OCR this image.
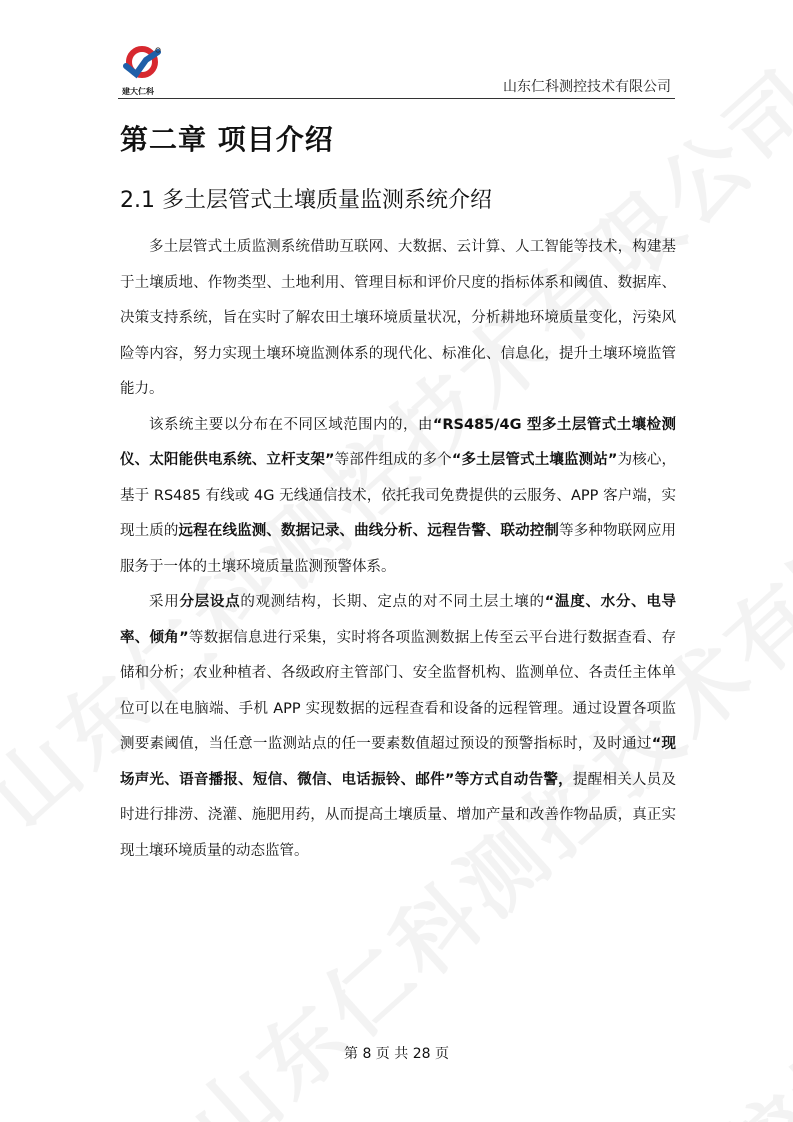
建大仁科	山东仁科测控技术有限公司
第二章 项目介绍
2.1 多土层管式土壤质量监测系统介绍

多土层管式土质监测系统借助互联网、大数据、云计算、人工智能等技术，构建基于土壤质地、作物类型、土地利用、管理目标和评价尺度的指标体系和阈值、数据库、决策支持系统，旨在实时了解农田土壤环境质量状况，分析耕地环境质量变化，污染风险等内容，努力实现土壤环境监测体系的现代化、标准化、信息化，提升土壤环境监管能力。

该系统主要以分布在不同区域范围内的，由“RS485/4G 型多土层管式土壤检测仪、太阳能供电系统、立杆支架”等部件组成的多个“多土层管式土壤监测站”为核心，基于 RS485 有线或 4G 无线通信技术，依托我司免费提供的云服务、APP 客户端，实现土质的远程在线监测、数据记录、曲线分析、远程告警、联动控制等多种物联网应用服务于一体的土壤环境质量监测预警体系。

采用分层设点的观测结构，长期、定点的对不同土层土壤的“温度、水分、电导率、倾角”等数据信息进行采集，实时将各项监测数据上传至云平台进行数据查看、存储和分析；农业种植者、各级政府主管部门、安全监督机构、监测单位、各责任主体单位可以在电脑端、手机 APP 实现数据的远程查看和设备的远程管理。通过设置各项监测要素阈值，当任意一监测站点的任一要素数值超过预设的预警指标时，及时通过“现场声光、语音播报、短信、微信、电话振铃、邮件”等方式自动告警，提醒相关人员及时进行排涝、浇灌、施肥用药，从而提高土壤质量、增加产量和改善作物品质，真正实现土壤环境质量的动态监管。

第 8 页 共 28 页
